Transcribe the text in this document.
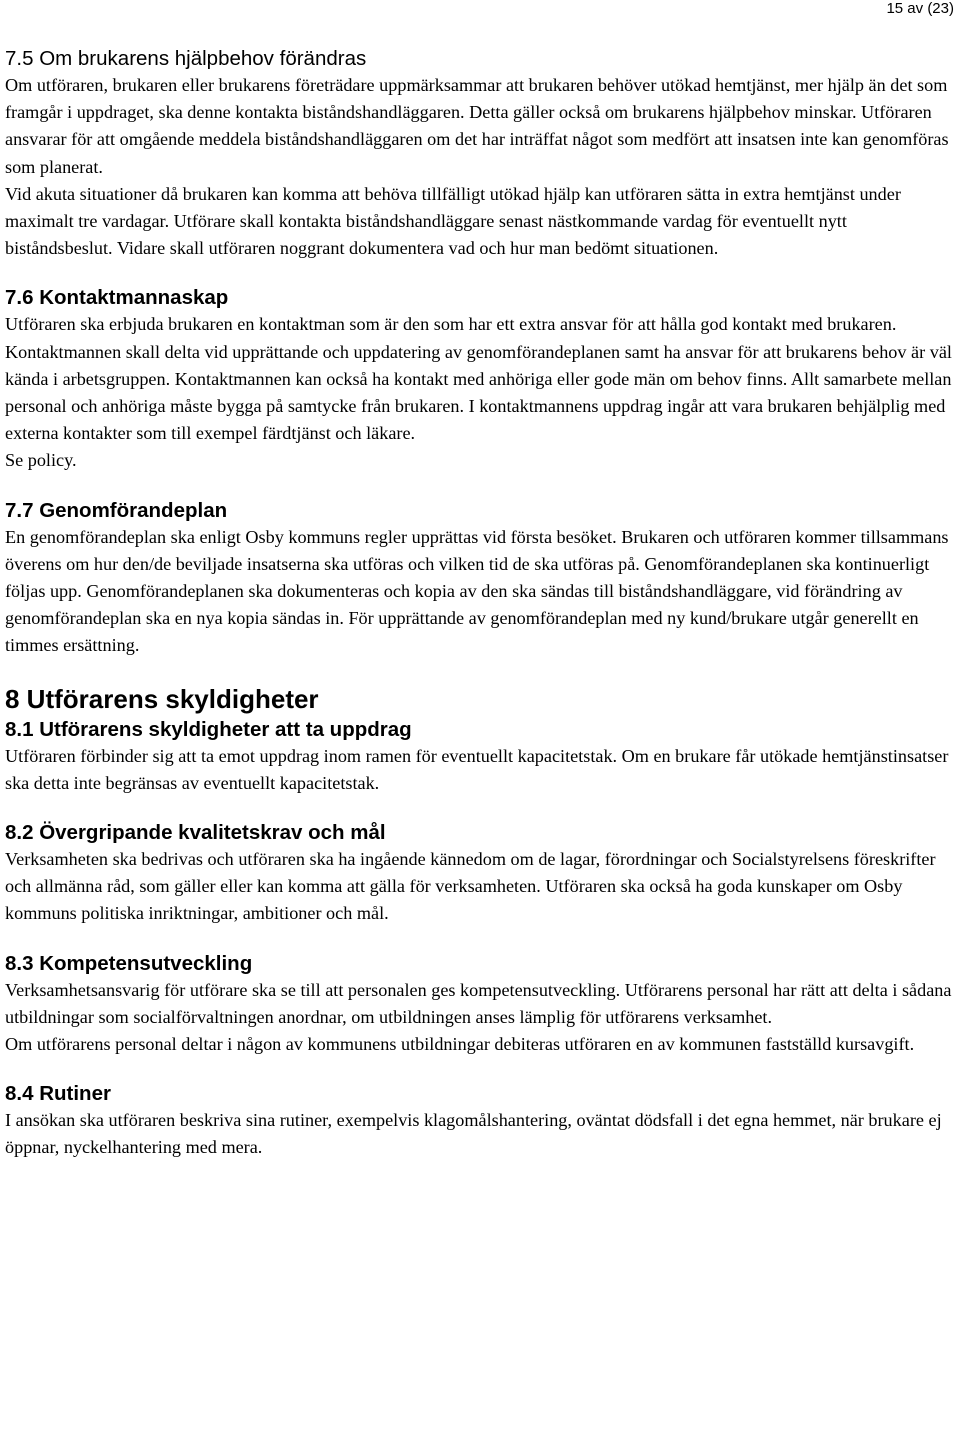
15 av (23)
7.5 Om brukarens hjälpbehov förändras

Om utföraren, brukaren eller brukarens företrädare uppmärksammar att brukaren behöver utökad hemtjänst, mer hjälp än det som framgår i uppdraget, ska denne kontakta biståndshandläggaren. Detta gäller också om brukarens hjälpbehov minskar. Utföraren ansvarar för att omgående meddela biståndshandläggaren om det har inträffat något som medfört att insatsen inte kan genomföras som planerat.

Vid akuta situationer då brukaren kan komma att behöva tillfälligt utökad hjälp kan utföraren sätta in extra hemtjänst under maximalt tre vardagar. Utförare skall kontakta biståndshandläggare senast nästkommande vardag för eventuellt nytt biståndsbeslut. Vidare skall utföraren noggrant dokumentera vad och hur man bedömt situationen.

7.6 Kontaktmannaskap

Utföraren ska erbjuda brukaren en kontaktman som är den som har ett extra ansvar för att hålla god kontakt med brukaren. Kontaktmannen skall delta vid upprättande och uppdatering av genomförandeplanen samt ha ansvar för att brukarens behov är väl kända i arbetsgruppen. Kontaktmannen kan också ha kontakt med anhöriga eller gode män om behov finns. Allt samarbete mellan personal och anhöriga måste bygga på samtycke från brukaren. I kontaktmannens uppdrag ingår att vara brukaren behjälplig med externa kontakter som till exempel färdtjänst och läkare.

Se policy.

7.7 Genomförandeplan

En genomförandeplan ska enligt Osby kommuns regler upprättas vid första besöket. Brukaren och utföraren kommer tillsammans överens om hur den/de beviljade insatserna ska utföras och vilken tid de ska utföras på. Genomförandeplanen ska kontinuerligt följas upp. Genomförandeplanen ska dokumenteras och kopia av den ska sändas till biståndshandläggare, vid förändring av genomförandeplan ska en nya kopia sändas in. För upprättande av genomförandeplan med ny kund/brukare utgår generellt en timmes ersättning.

8 Utförarens skyldigheter
8.1 Utförarens skyldigheter att ta uppdrag

Utföraren förbinder sig att ta emot uppdrag inom ramen för eventuellt kapacitetstak. Om en brukare får utökade hemtjänstinsatser ska detta inte begränsas av eventuellt kapacitetstak.

8.2 Övergripande kvalitetskrav och mål

Verksamheten ska bedrivas och utföraren ska ha ingående kännedom om de lagar, förordningar och Socialstyrelsens föreskrifter och allmänna råd, som gäller eller kan komma att gälla för verksamheten. Utföraren ska också ha goda kunskaper om Osby kommuns politiska inriktningar, ambitioner och mål.

8.3 Kompetensutveckling

Verksamhetsansvarig för utförare ska se till att personalen ges kompetensutveckling. Utförarens personal har rätt att delta i sådana utbildningar som socialförvaltningen anordnar, om utbildningen anses lämplig för utförarens verksamhet.

Om utförarens personal deltar i någon av kommunens utbildningar debiteras utföraren en av kommunen fastställd kursavgift.

8.4 Rutiner

I ansökan ska utföraren beskriva sina rutiner, exempelvis klagomålshantering, oväntat dödsfall i det egna hemmet, när brukare ej öppnar, nyckelhantering med mera.
